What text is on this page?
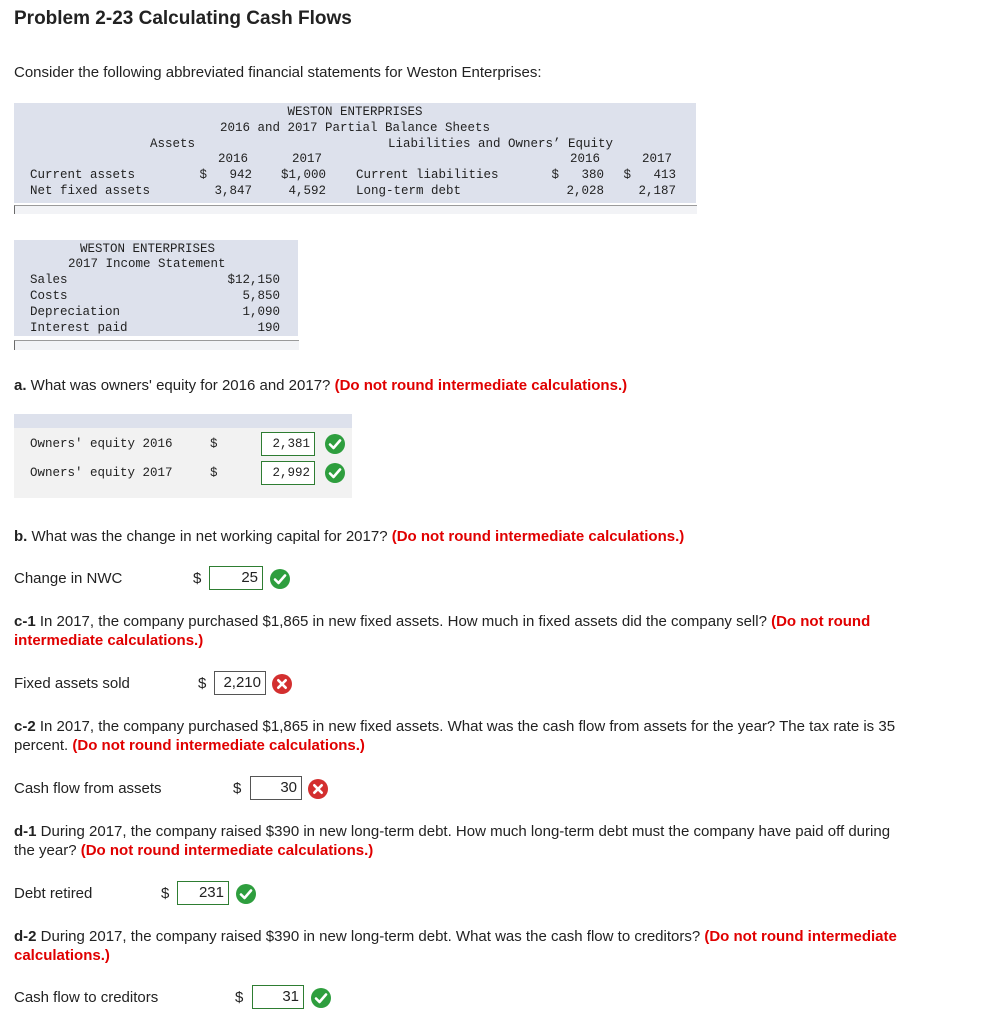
Problem 2-23 Calculating Cash Flows
Consider the following abbreviated financial statements for Weston Enterprises:
WESTON ENTERPRISES
2016 and 2017 Partial Balance Sheets
Assets	Liabilities and Owners’ Equity
2016	2017	2016	2017
Current assets	$   942	$1,000 Current liabilities	$   380	$   413
Net fixed assets	3,847	4,592 Long-term debt	2,028	2,187
WESTON ENTERPRISES
2017 Income Statement
Sales	$12,150
Costs	5,850
Depreciation	1,090
Interest paid	190
a. What was owners' equity for 2016 and 2017? (Do not round intermediate calculations.)
Owners' equity 2016	$	2,381
Owners' equity 2017	$	2,992
b. What was the change in net working capital for 2017? (Do not round intermediate calculations.)
Change in NWC	$	25
c-1 In 2017, the company purchased $1,865 in new fixed assets. How much in fixed assets did the company sell? (Do not round
intermediate calculations.)
Fixed assets sold	$	2,210
c-2 In 2017, the company purchased $1,865 in new fixed assets. What was the cash flow from assets for the year? The tax rate is 35
percent. (Do not round intermediate calculations.)
Cash flow from assets	$	30
d-1 During 2017, the company raised $390 in new long-term debt. How much long-term debt must the company have paid off during
the year? (Do not round intermediate calculations.)
Debt retired	$	231
d-2 During 2017, the company raised $390 in new long-term debt. What was the cash flow to creditors? (Do not round intermediate
calculations.)
Cash flow to creditors	$	31
